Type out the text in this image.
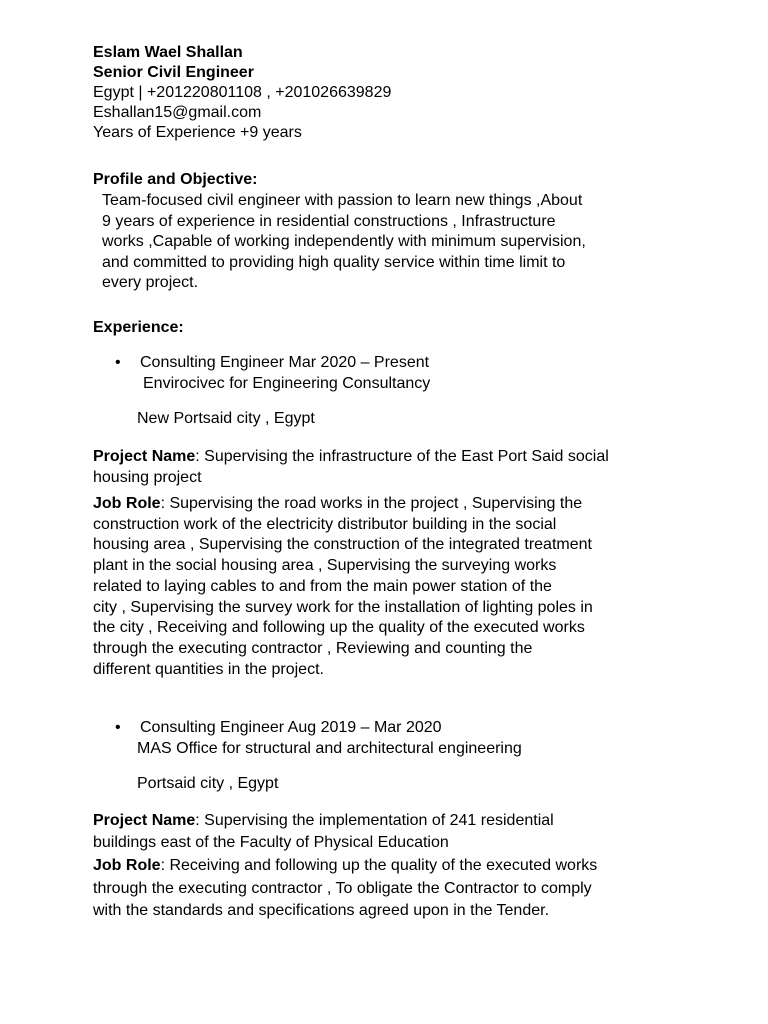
Eslam Wael Shallan
Senior Civil Engineer
Egypt | +201220801108 , +201026639829
Eshallan15@gmail.com
Years of Experience +9 years
Profile and Objective:
Team-focused civil engineer with passion to learn new things ,About
9 years of experience in residential constructions , Infrastructure
works ,Capable of working independently with minimum supervision,
and committed to providing high quality service within time limit to
every project.
Experience:
• Consulting Engineer Mar 2020 – Present
Envirocivec for Engineering Consultancy
New Portsaid city , Egypt
Project Name: Supervising the infrastructure of the East Port Said social
housing project
Job Role: Supervising the road works in the project , Supervising the
construction work of the electricity distributor building in the social
housing area , Supervising the construction of the integrated treatment
plant in the social housing area , Supervising the surveying works
related to laying cables to and from the main power station of the
city , Supervising the survey work for the installation of lighting poles in
the city , Receiving and following up the quality of the executed works
through the executing contractor , Reviewing and counting the
different quantities in the project.
• Consulting Engineer Aug 2019 – Mar 2020
MAS Office for structural and architectural engineering
Portsaid city , Egypt
Project Name: Supervising the implementation of 241 residential
buildings east of the Faculty of Physical Education
Job Role: Receiving and following up the quality of the executed works
through the executing contractor , To obligate the Contractor to comply
with the standards and specifications agreed upon in the Tender.
